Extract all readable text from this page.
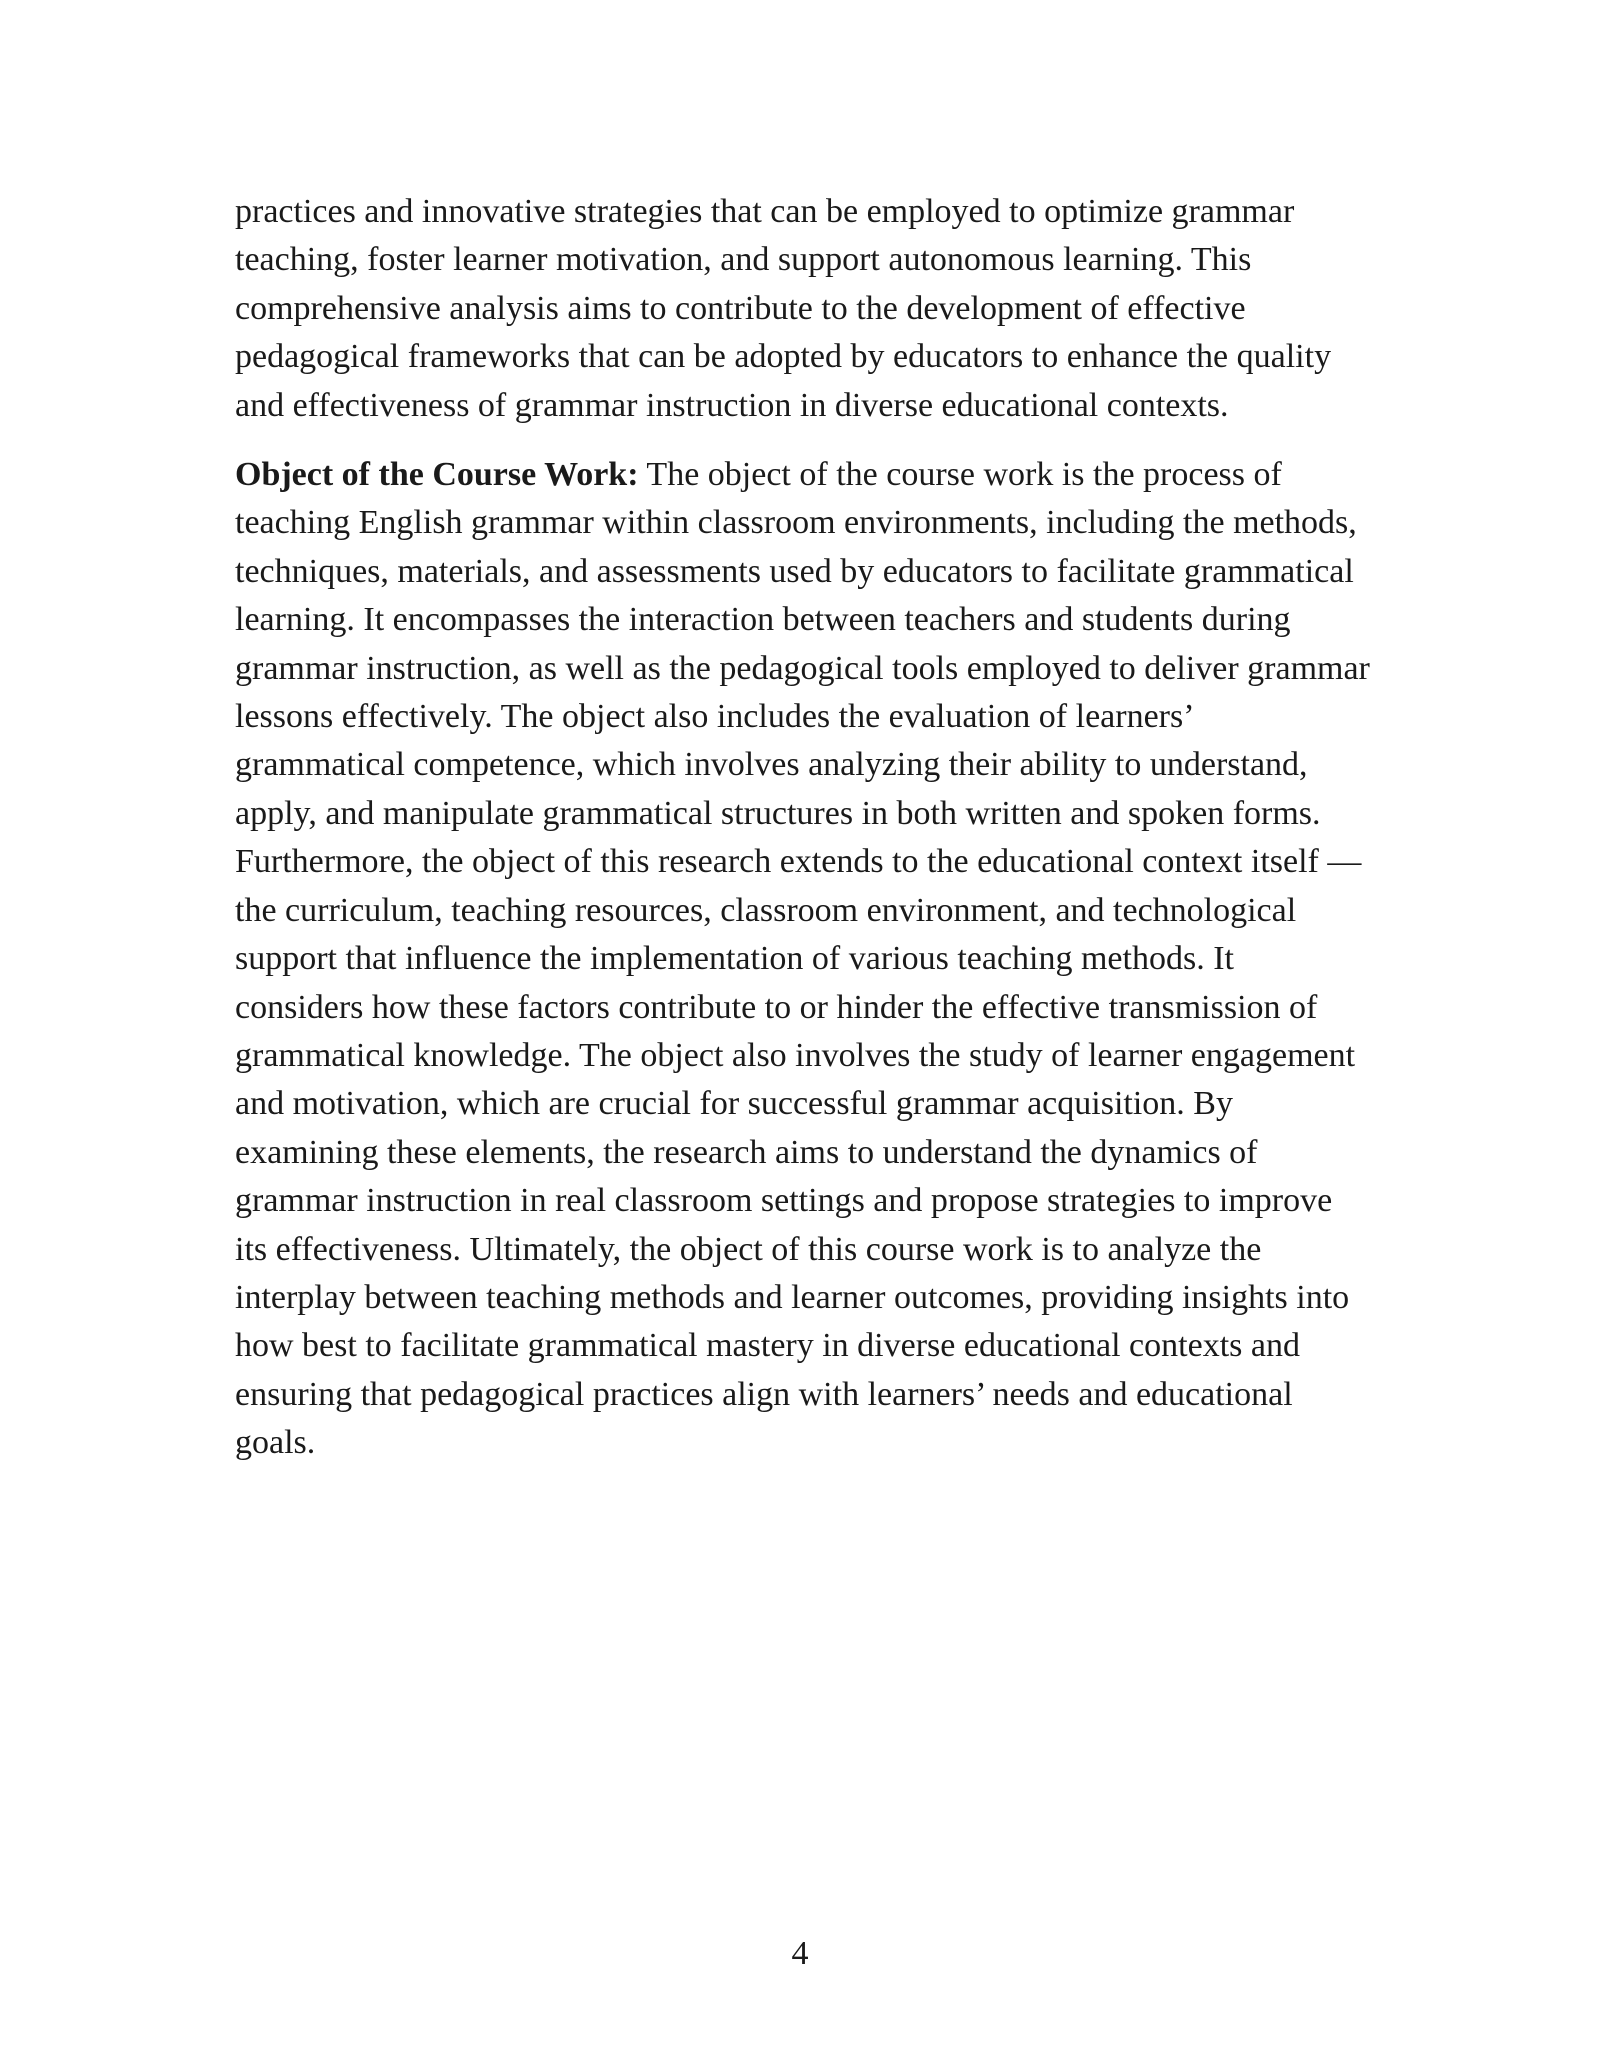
practices and innovative strategies that can be employed to optimize grammar teaching, foster learner motivation, and support autonomous learning. This comprehensive analysis aims to contribute to the development of effective pedagogical frameworks that can be adopted by educators to enhance the quality and effectiveness of grammar instruction in diverse educational contexts.

Object of the Course Work: The object of the course work is the process of teaching English grammar within classroom environments, including the methods, techniques, materials, and assessments used by educators to facilitate grammatical learning. It encompasses the interaction between teachers and students during grammar instruction, as well as the pedagogical tools employed to deliver grammar lessons effectively. The object also includes the evaluation of learners’ grammatical competence, which involves analyzing their ability to understand, apply, and manipulate grammatical structures in both written and spoken forms. Furthermore, the object of this research extends to the educational context itself — the curriculum, teaching resources, classroom environment, and technological support that influence the implementation of various teaching methods. It considers how these factors contribute to or hinder the effective transmission of grammatical knowledge. The object also involves the study of learner engagement and motivation, which are crucial for successful grammar acquisition. By examining these elements, the research aims to understand the dynamics of grammar instruction in real classroom settings and propose strategies to improve its effectiveness. Ultimately, the object of this course work is to analyze the interplay between teaching methods and learner outcomes, providing insights into how best to facilitate grammatical mastery in diverse educational contexts and ensuring that pedagogical practices align with learners’ needs and educational goals.

4
